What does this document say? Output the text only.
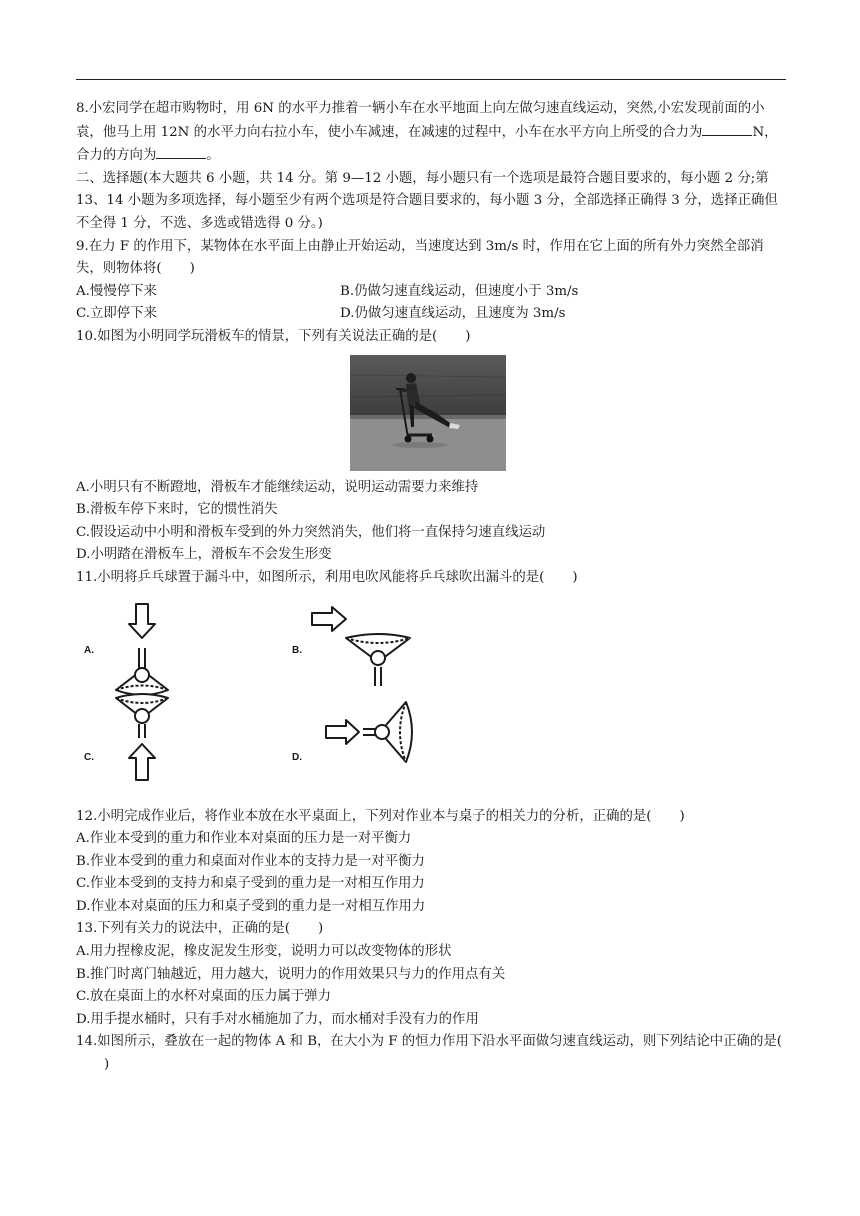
8.小宏同学在超市购物时，用 6N 的水平力推着一辆小车在水平地面上向左做匀速直线运动，突然,小宏发现前面的小袁，他马上用 12N 的水平力向右拉小车，使小车减速，在减速的过程中，小车在水平方向上所受的合力为	N，合力的方向为	。

二、选择题(本大题共 6 小题，共 14 分。第 9—12 小题，每小题只有一个选项是最符合题目要求的，每小题 2 分;第 13、14 小题为多项选择，每小题至少有两个选项是符合题目要求的，每小题 3 分，全部选择正确得 3 分，选择正确但不全得 1 分，不选、多选或错选得 0 分。)

9.在力 F 的作用下，某物体在水平面上由静止开始运动，当速度达到 3m/s 时，作用在它上面的所有外力突然全部消失，则物体将( )

A.慢慢停下来	B.仍做匀速直线运动，但速度小于 3m/s
C.立即停下来	D.仍做匀速直线运动，且速度为 3m/s

10.如图为小明同学玩滑板车的情景，下列有关说法正确的是( )

A.小明只有不断蹬地，滑板车才能继续运动，说明运动需要力来维持

B.滑板车停下来时，它的惯性消失

C.假设运动中小明和滑板车受到的外力突然消失，他们将一直保持匀速直线运动

D.小明踏在滑板车上，滑板车不会发生形变

11.小明将乒乓球置于漏斗中，如图所示，利用电吹风能将乒乓球吹出漏斗的是( )

A.	B.
C.	D.

12.小明完成作业后，将作业本放在水平桌面上，下列对作业本与桌子的相关力的分析，正确的是( )

A.作业本受到的重力和作业本对桌面的压力是一对平衡力

B.作业本受到的重力和桌面对作业本的支持力是一对平衡力

C.作业本受到的支持力和桌子受到的重力是一对相互作用力

D.作业本对桌面的压力和桌子受到的重力是一对相互作用力

13.下列有关力的说法中，正确的是( )

A.用力捏橡皮泥，橡皮泥发生形变，说明力可以改变物体的形状

B.推门时离门轴越近，用力越大，说明力的作用效果只与力的作用点有关

C.放在桌面上的水杯对桌面的压力属于弹力

D.用手提水桶时，只有手对水桶施加了力，而水桶对手没有力的作用

14.如图所示，叠放在一起的物体 A 和 B，在大小为 F 的恒力作用下沿水平面做匀速直线运动，则下列结论中正确的是()
